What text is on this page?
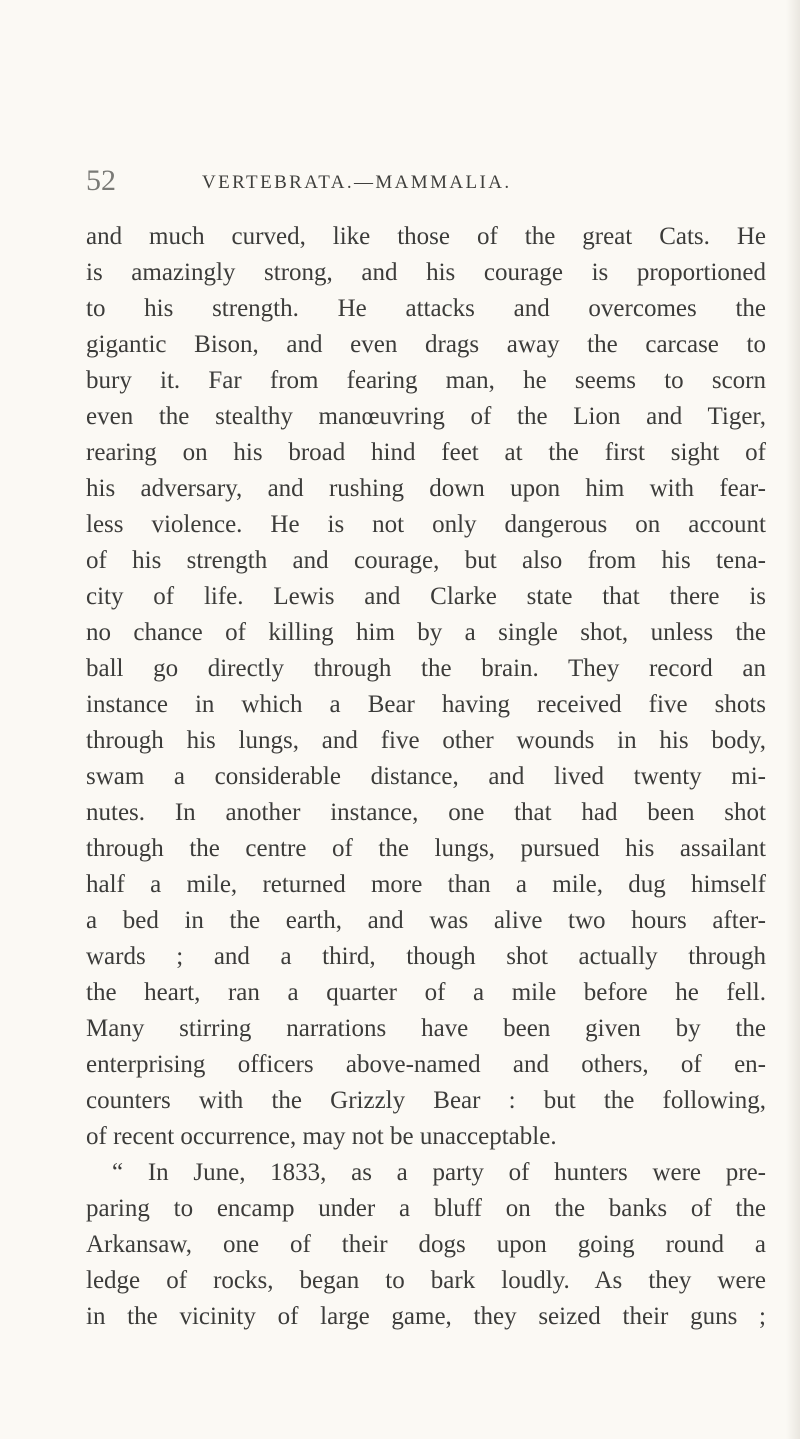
52	VERTEBRATA.—MAMMALIA.
and much curved, like those of the great Cats. He
is amazingly strong, and his courage is proportioned
to his strength. He attacks and overcomes the
gigantic Bison, and even drags away the carcase to
bury it. Far from fearing man, he seems to scorn
even the stealthy manœuvring of the Lion and Tiger,
rearing on his broad hind feet at the first sight of
his adversary, and rushing down upon him with fear-
less violence. He is not only dangerous on account
of his strength and courage, but also from his tena-
city of life. Lewis and Clarke state that there is
no chance of killing him by a single shot, unless the
ball go directly through the brain. They record an
instance in which a Bear having received five shots
through his lungs, and five other wounds in his body,
swam a considerable distance, and lived twenty mi-
nutes. In another instance, one that had been shot
through the centre of the lungs, pursued his assailant
half a mile, returned more than a mile, dug himself
a bed in the earth, and was alive two hours after-
wards ; and a third, though shot actually through
the heart, ran a quarter of a mile before he fell.
Many stirring narrations have been given by the
enterprising officers above-named and others, of en-
counters with the Grizzly Bear : but the following,
of recent occurrence, may not be unacceptable.
“ In June, 1833, as a party of hunters were pre-
paring to encamp under a bluff on the banks of the
Arkansaw, one of their dogs upon going round a
ledge of rocks, began to bark loudly. As they were
in the vicinity of large game, they seized their guns ;
